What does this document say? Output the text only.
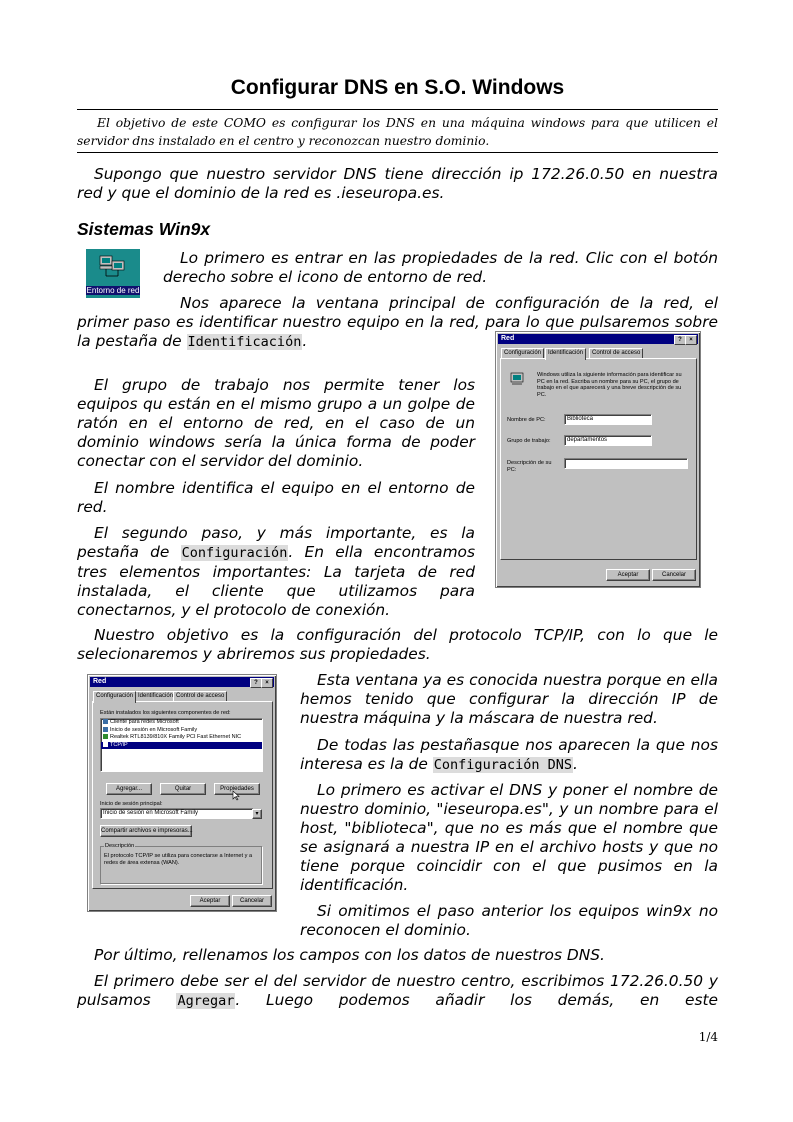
Configurar DNS en S.O. Windows
El objetivo de este COMO es configurar los DNS en una máquina windows para que utilicen el servidor dns instalado en el centro y reconozcan nuestro dominio.

Supongo que nuestro servidor DNS tiene dirección ip 172.26.0.50 en nuestra red y que el dominio de la red es .ieseuropa.es.

Sistemas Win9x
Entorno de red

Lo primero es entrar en las propiedades de la red. Clic con el botón derecho sobre el icono de entorno de red.

Nos aparece la ventana principal de configuración de la red, el primer paso es identificar nuestro equipo en la red, para lo que pulsaremos sobre la pestaña de Identificación.

El grupo de trabajo nos permite tener los equipos qu están en el mismo grupo a un golpe de ratón en el entorno de red, en el caso de un dominio windows sería la única forma de poder conectar con el servidor del dominio.

El nombre identifica el equipo en el entorno de red.

El segundo paso, y más importante, es la pestaña de Configuración. En ella encontramos tres elementos importantes: La tarjeta de red instalada, el cliente que utilizamos para conectarnos, y el protocolo de conexión.

Red	?	×
Configuración	Identificación	Control de acceso
Windows utiliza la siguiente información para identificar su PC en la red. Escriba un nombre para su PC, el grupo de trabajo en el que aparecerá y una breve descripción de su PC.
Nombre de PC:	Biblioteca
Grupo de trabajo:	departamentos
Descripción de su PC:
Aceptar	Cancelar

Nuestro objetivo es la configuración del protocolo TCP/IP, con lo que le selecionaremos y abriremos sus propiedades.

Red	?	×
Configuración Identificación Control de acceso
Están instalados los siguientes componentes de red:
Cliente para redes Microsoft
Inicio de sesión en Microsoft Family
Realtek RTL8139/810X Family PCI Fast Ethernet NIC
TCP/IP
Agregar...	Quitar	Propiedades
Inicio de sesión principal:
Inicio de sesión en Microsoft Family	▾
Compartir archivos e impresoras...
Descripción
El protocolo TCP/IP se utiliza para conectarse a Internet y a redes de área extensa (WAN).
Aceptar	Cancelar

Esta ventana ya es conocida nuestra porque en ella hemos tenido que configurar la dirección IP de nuestra máquina y la máscara de nuestra red.

De todas las pestañasque nos aparecen la que nos interesa es la de Configuración DNS.

Lo primero es activar el DNS y poner el nombre de nuestro dominio, "ieseuropa.es", y un nombre para el host, "biblioteca", que no es más que el nombre que se asignará a nuestra IP en el archivo hosts y que no tiene porque coincidir con el que pusimos en la identificación.

Si omitimos el paso anterior los equipos win9x no reconocen el dominio.

Por último, rellenamos los campos con los datos de nuestros DNS.

El primero debe ser el del servidor de nuestro centro, escribimos 172.26.0.50 y pulsamos Agregar. Luego podemos añadir los demás, en este

1/4
